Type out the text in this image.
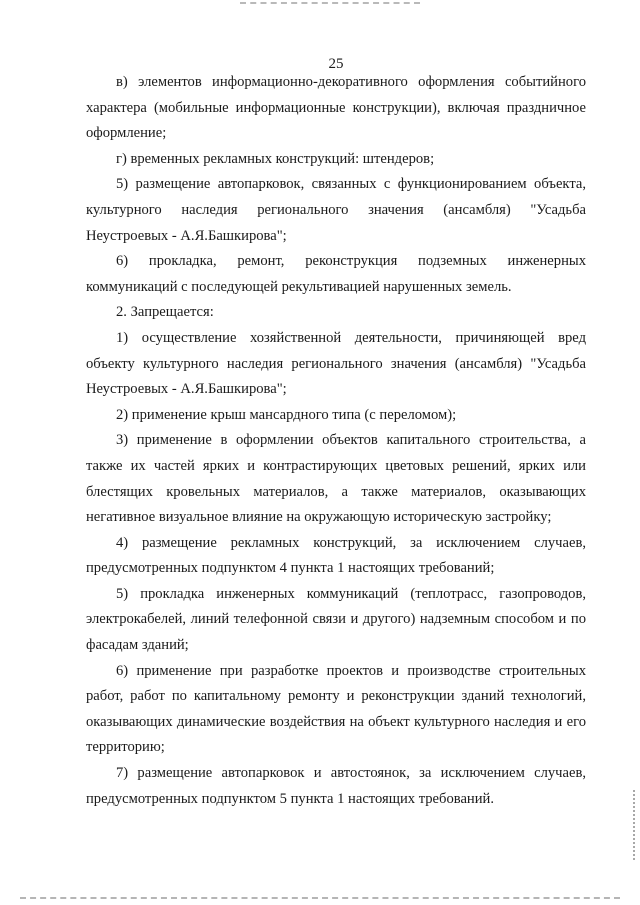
25

в) элементов информационно-декоративного оформления событийного характера (мобильные информационные конструкции), включая праздничное оформление;

г) временных рекламных конструкций: штендеров;

5) размещение автопарковок, связанных с функционированием объекта, культурного наследия регионального значения (ансамбля) "Усадьба Неустроевых - А.Я.Башкирова";

6) прокладка, ремонт, реконструкция подземных инженерных коммуникаций с последующей рекультивацией нарушенных земель.

2. Запрещается:

1) осуществление хозяйственной деятельности, причиняющей вред объекту культурного наследия регионального значения (ансамбля) "Усадьба Неустроевых - А.Я.Башкирова";

2) применение крыш мансардного типа (с переломом);

3) применение в оформлении объектов капитального строительства, а также их частей ярких и контрастирующих цветовых решений, ярких или блестящих кровельных материалов, а также материалов, оказывающих негативное визуальное влияние на окружающую историческую застройку;

4) размещение рекламных конструкций, за исключением случаев, предусмотренных подпунктом 4 пункта 1 настоящих требований;

5) прокладка инженерных коммуникаций (теплотрасс, газопроводов, электрокабелей, линий телефонной связи и другого) надземным способом и по фасадам зданий;

6) применение при разработке проектов и производстве строительных работ, работ по капитальному ремонту и реконструкции зданий технологий, оказывающих динамические воздействия на объект культурного наследия и его территорию;

7) размещение автопарковок и автостоянок, за исключением случаев, предусмотренных подпунктом 5 пункта 1 настоящих требований.
